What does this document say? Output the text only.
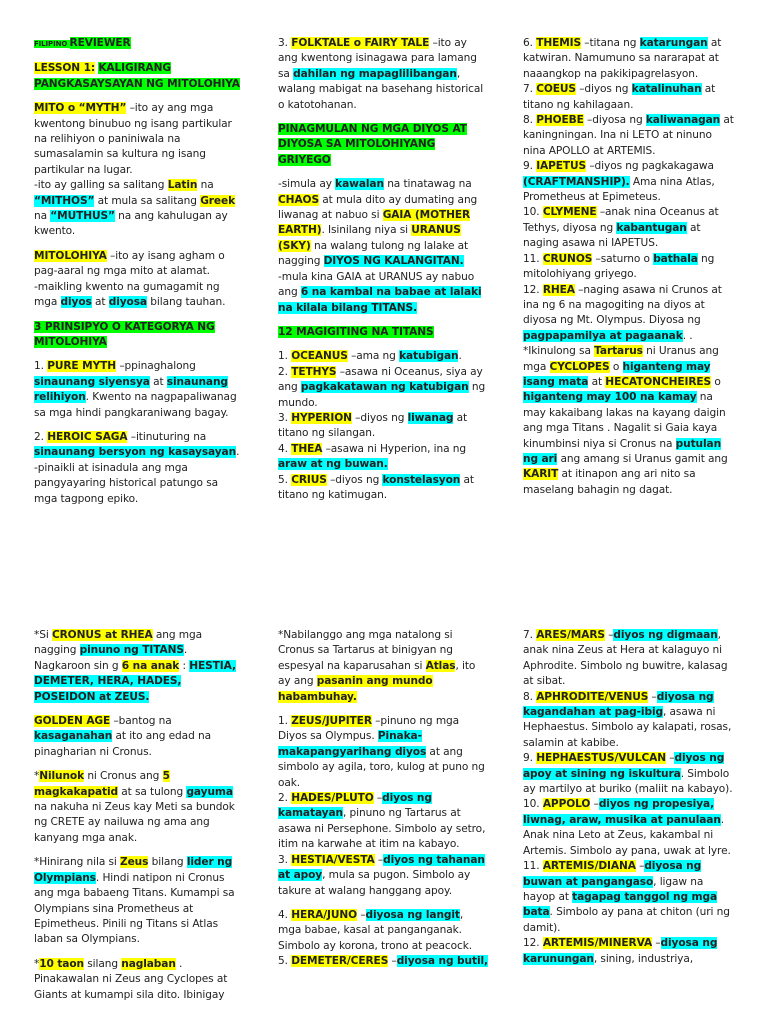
FILIPINO REVIEWER

LESSON 1: KALIGIRANG PANGKASAYSAYAN NG MITOLOHIYA

MITO o “MYTH” –ito ay ang mga kwentong binubuo ng isang partikular na relihiyon o paniniwala na sumasalamin sa kultura ng isang partikular na lugar.

-ito ay galling sa salitang Latin na “MITHOS” at mula sa salitang Greek na “MUTHUS” na ang kahulugan ay kwento.

MITOLOHIYA –ito ay isang agham o pag-aaral ng mga mito at alamat.

-maikling kwento na gumagamit ng mga diyos at diyosa bilang tauhan.

3 PRINSIPYO O KATEGORYA NG MITOLOHIYA

1. PURE MYTH –ppinaghalong sinaunang siyensya at sinaunang relihiyon. Kwento na nagpapaliwanag sa mga hindi pangkaraniwang bagay.

2. HEROIC SAGA –itinuturing na sinaunang bersyon ng kasaysayan.

-pinaikli at isinadula ang mga pangyayaring historical patungo sa mga tagpong epiko.

3. FOLKTALE o FAIRY TALE –ito ay ang kwentong isinagawa para lamang sa dahilan ng mapaglilibangan, walang mabigat na basehang historical o katotohanan.

PINAGMULAN NG MGA DIYOS AT DIYOSA SA MITOLOHIYANG GRIYEGO

-simula ay kawalan na tinatawag na CHAOS at mula dito ay dumating ang liwanag at nabuo si GAIA (MOTHER EARTH). Isinilang niya si URANUS (SKY) na walang tulong ng lalake at nagging DIYOS NG KALANGITAN.

-mula kina GAIA at URANUS ay nabuo ang 6 na kambal na babae at lalaki na kilala bilang TITANS.

12 MAGIGITING NA TITANS

1. OCEANUS –ama ng katubigan.

2. TETHYS –asawa ni Oceanus, siya ay ang pagkakatawan ng katubigan ng mundo.

3. HYPERION –diyos ng liwanag at titano ng silangan.

4. THEA –asawa ni Hyperion, ina ng araw at ng buwan.

5. CRIUS –diyos ng konstelasyon at titano ng katimugan.

6. THEMIS –titana ng katarungan at katwiran. Namumuno sa nararapat at naaangkop na pakikipagrelasyon.

7. COEUS –diyos ng katalinuhan at titano ng kahilagaan.

8. PHOEBE –diyosa ng kaliwanagan at kaningningan. Ina ni LETO at ninuno nina APOLLO at ARTEMIS.

9. IAPETUS –diyos ng pagkakagawa (CRAFTMANSHIP). Ama nina Atlas, Prometheus at Epimeteus.

10. CLYMENE –anak nina Oceanus at Tethys, diyosa ng kabantugan at naging asawa ni IAPETUS.

11. CRUNOS –saturno o bathala ng mitolohiyang griyego.

12. RHEA –naging asawa ni Crunos at ina ng 6 na magogiting na diyos at diyosa ng Mt. Olympus. Diyosa ng pagpapamilya at pagaanak. .

*Ikinulong sa Tartarus ni Uranus ang mga CYCLOPES o higanteng may isang mata at HECATONCHEIRES o higanteng may 100 na kamay na may kakaibang lakas na kayang daigin ang mga Titans . Nagalit si Gaia kaya kinumbinsi niya si Cronus na putulan ng ari ang amang si Uranus gamit ang KARIT at itinapon ang ari nito sa maselang bahagin ng dagat.

*Si CRONUS at RHEA ang mga nagging pinuno ng TITANS. Nagkaroon sin g 6 na anak : HESTIA, DEMETER, HERA, HADES, POSEIDON at ZEUS.

GOLDEN AGE –bantog na kasaganahan at ito ang edad na pinagharian ni Cronus.

*Nilunok ni Cronus ang 5 magkakapatid at sa tulong gayuma na nakuha ni Zeus kay Meti sa bundok ng CRETE ay nailuwa ng ama ang kanyang mga anak.

*Hinirang nila si Zeus bilang lider ng Olympians. Hindi natipon ni Cronus ang mga babaeng Titans. Kumampi sa Olympians sina Prometheus at Epimetheus. Pinili ng Titans si Atlas laban sa Olympians.

*10 taon silang naglaban . Pinakawalan ni Zeus ang Cyclopes at Giants at kumampi sila dito. Ibinigay

*Nabilanggo ang mga natalong si Cronus sa Tartarus at binigyan ng espesyal na kaparusahan si Atlas, ito ay ang pasanin ang mundo habambuhay.

1. ZEUS/JUPITER –pinuno ng mga Diyos sa Olympus. Pinaka-makapangyarihang diyos at ang simbolo ay agila, toro, kulog at puno ng oak.

2. HADES/PLUTO –diyos ng kamatayan, pinuno ng Tartarus at asawa ni Persephone. Simbolo ay setro, itim na karwahe at itim na kabayo.

3. HESTIA/VESTA –diyos ng tahanan at apoy, mula sa pugon. Simbolo ay takure at walang hanggang apoy.

4. HERA/JUNO –diyosa ng langit, mga babae, kasal at panganganak. Simbolo ay korona, trono at peacock.

5. DEMETER/CERES –diyosa ng butil,

7. ARES/MARS –diyos ng digmaan, anak nina Zeus at Hera at kalaguyo ni Aphrodite. Simbolo ng buwitre, kalasag at sibat.

8. APHRODITE/VENUS –diyosa ng kagandahan at pag-ibig, asawa ni Hephaestus. Simbolo ay kalapati, rosas, salamin at kabibe.

9. HEPHAESTUS/VULCAN –diyos ng apoy at sining ng iskultura. Simbolo ay martilyo at buriko (maliit na kabayo).

10. APPOLO –diyos ng propesiya, liwnag, araw, musika at panulaan. Anak nina Leto at Zeus, kakambal ni Artemis. Simbolo ay pana, uwak at lyre.

11. ARTEMIS/DIANA –diyosa ng buwan at pangangaso, ligaw na hayop at tagapag tanggol ng mga bata. Simbolo ay pana at chiton (uri ng damit).

12. ARTEMIS/MINERVA –diyosa ng karunungan, sining, industriya,
